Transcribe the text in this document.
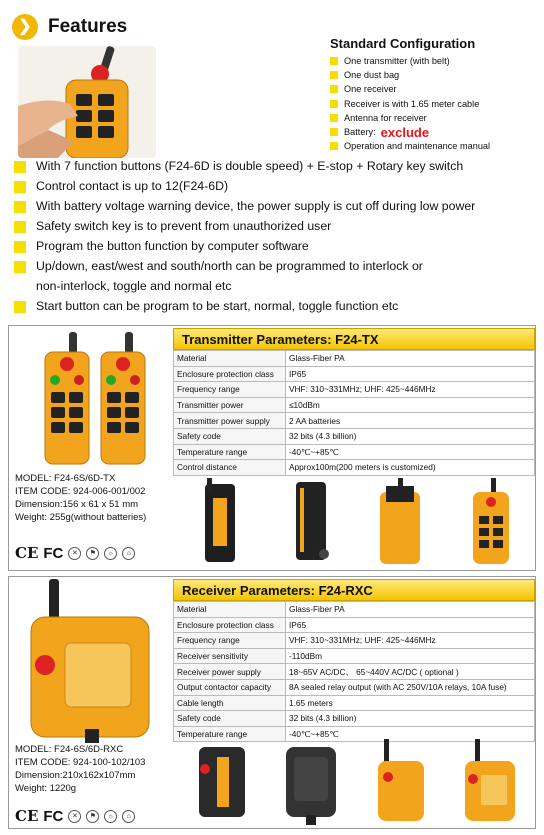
❯ Features
Standard Configuration
One transmitter (with belt)
One dust bag
One receiver
Receiver is with 1.65 meter cable
Antenna for receiver
Battery: exclude
Operation and maintenance manual
With 7 function buttons (F24-6D is double speed) + E-stop + Rotary key switch
Control contact is up to 12(F24-6D)
With battery voltage warning device, the power supply is cut off during low power
Safety switch key is to prevent from unauthorized user
Program the button function by computer software
Up/down, east/west and south/north can be programmed to interlock or
non-interlock, toggle and normal etc
Start button can be program to be start, normal, toggle function etc
Transmitter Parameters: F24-TX
Material	Glass-Fiber PA
Enclosure protection class	IP65
Frequency range	VHF: 310~331MHz; UHF: 425~446MHz
Transmitter power	≤10dBm
Transmitter power supply	2 AA batteries
Safety code	32 bits (4.3 billion)
Temperature range	-40℃~+85℃
Control distance	Approx100m(200 meters is customized)
MODEL: F24-6S/6D-TX
ITEM CODE: 924-006-001/002
Dimension:156 x 61 x 51 mm
Weight: 255g(without batteries)
CE FC	✕	⚑	☼	⌂
Receiver Parameters: F24-RXC
Material	Glass-Fiber PA
Enclosure protection class	IP65
Frequency range	VHF: 310~331MHz; UHF: 425~446MHz
Receiver sensitivity	-110dBm
Receiver power supply	18~65V AC/DC、 65~440V AC/DC ( optional )
Output contactor capacity	8A sealed relay output (with AC 250V/10A relays, 10A fuse)
Cable length	1.65 meters
Safety code	32 bits (4.3 billion)
Temperature range	-40℃~+85℃
MODEL: F24-6S/6D-RXC
ITEM CODE: 924-100-102/103
Dimension:210x162x107mm
Weight: 1220g
CE FC	✕	⚑	☼	⌂
